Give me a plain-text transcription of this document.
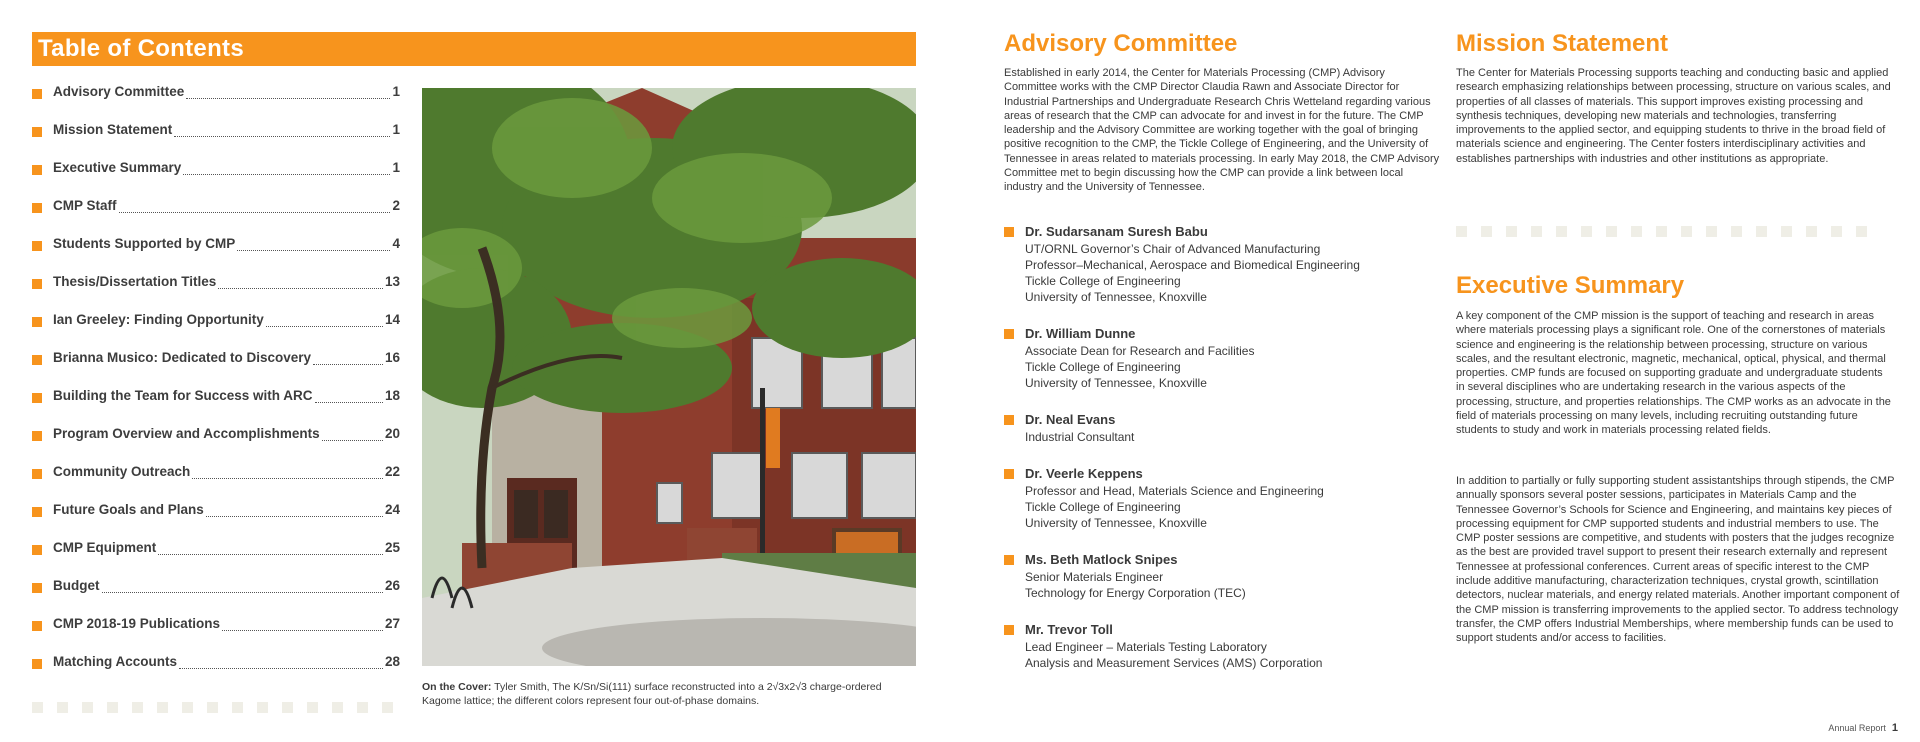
Table of Contents
Advisory Committee	1
Mission Statement	1
Executive Summary	1
CMP Staff	2
Students Supported by CMP	4
Thesis/Dissertation Titles	13
Ian Greeley: Finding Opportunity	14
Brianna Musico: Dedicated to Discovery	16
Building the Team for Success with ARC	18
Program Overview and Accomplishments	20
Community Outreach	22
Future Goals and Plans	24
CMP Equipment	25
Budget	26
CMP 2018-19 Publications	27
Matching Accounts	28
On the Cover: Tyler Smith, The K/Sn/Si(111) surface reconstructed into a 2√3x2√3 charge-ordered Kagome lattice; the different colors represent four out-of-phase domains.
Advisory Committee
Established in early 2014, the Center for Materials Processing (CMP) Advisory Committee works with the CMP Director Claudia Rawn and Associate Director for Industrial Partnerships and Undergraduate Research Chris Wetteland regarding various areas of research that the CMP can advocate for and invest in for the future. The CMP leadership and the Advisory Committee are working together with the goal of bringing positive recognition to the CMP, the Tickle College of Engineering, and the University of Tennessee in areas related to materials processing. In early May 2018, the CMP Advisory Committee met to begin discussing how the CMP can provide a link between local industry and the University of Tennessee.
Dr. Sudarsanam Suresh Babu
UT/ORNL Governor’s Chair of Advanced Manufacturing
Professor–Mechanical, Aerospace and Biomedical Engineering
Tickle College of Engineering
University of Tennessee, Knoxville
Dr. William Dunne
Associate Dean for Research and Facilities
Tickle College of Engineering
University of Tennessee, Knoxville
Dr. Neal Evans
Industrial Consultant
Dr. Veerle Keppens
Professor and Head, Materials Science and Engineering
Tickle College of Engineering
University of Tennessee, Knoxville
Ms. Beth Matlock Snipes
Senior Materials Engineer
Technology for Energy Corporation (TEC)
Mr. Trevor Toll
Lead Engineer – Materials Testing Laboratory
Analysis and Measurement Services (AMS) Corporation
Mission Statement
The Center for Materials Processing supports teaching and conducting basic and applied research emphasizing relationships between processing, structure on various scales, and properties of all classes of materials. This support improves existing processing and synthesis techniques, developing new materials and technologies, transferring improvements to the applied sector, and equipping students to thrive in the broad field of materials science and engineering. The Center fosters interdisciplinary activities and establishes partnerships with industries and other institutions as appropriate.
Executive Summary
A key component of the CMP mission is the support of teaching and research in areas where materials processing plays a significant role. One of the cornerstones of materials science and engineering is the relationship between processing, structure on various scales, and the resultant electronic, magnetic, mechanical, optical, physical, and thermal properties. CMP funds are focused on supporting graduate and undergraduate students in several disciplines who are undertaking research in the various aspects of the processing, structure, and properties relationships. The CMP works as an advocate in the field of materials processing on many levels, including recruiting outstanding future students to study and work in materials processing related fields.
In addition to partially or fully supporting student assistantships through stipends, the CMP annually sponsors several poster sessions, participates in Materials Camp and the Tennessee Governor’s Schools for Science and Engineering, and maintains key pieces of processing equipment for CMP supported students and industrial members to use. The CMP poster sessions are competitive, and students with posters that the judges recognize as the best are provided travel support to present their research externally and represent Tennessee at professional conferences. Current areas of specific interest to the CMP include additive manufacturing, characterization techniques, crystal growth, scintillation detectors, nuclear materials, and energy related materials. Another important component of the CMP mission is transferring improvements to the applied sector. To address technology transfer, the CMP offers Industrial Memberships, where membership funds can be used to support students and/or access to facilities.
Annual Report 1
